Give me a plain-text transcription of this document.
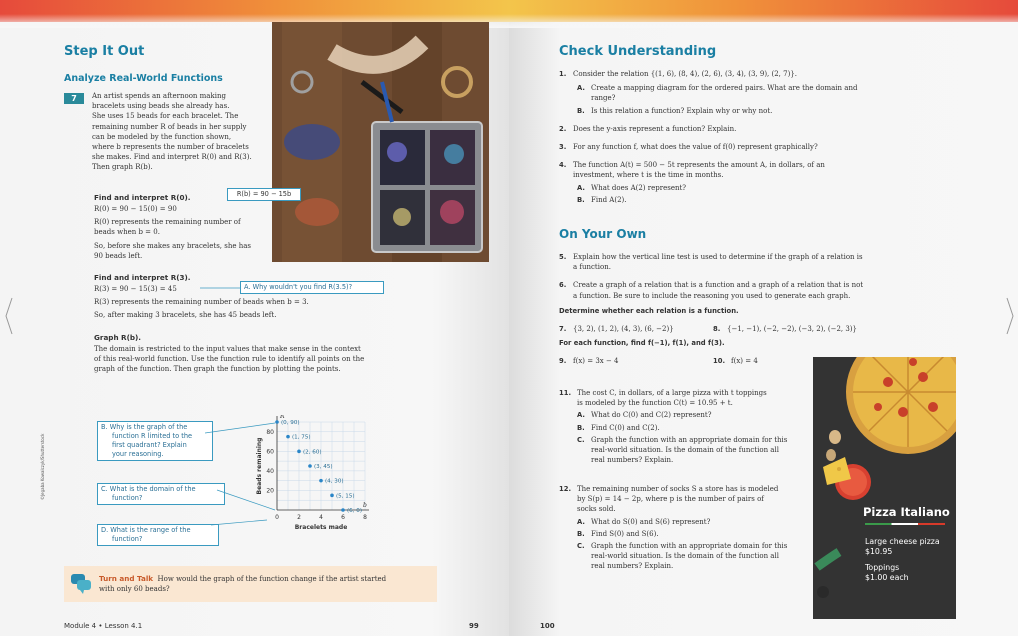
Step It Out
Analyze Real-World Functions
7	An artist spends an afternoon making
bracelets using beads she already has.
She uses 15 beads for each bracelet. The
remaining number R of beads in her supply
can be modeled by the function shown,
where b represents the number of bracelets
she makes. Find and interpret R(0) and R(3).
Then graph R(b).
Find and interpret R(0).	R(b) = 90 − 15b
R(0) = 90 − 15(0) = 90
R(0) represents the remaining number of
beads when b = 0.
So, before she makes any bracelets, she has
90 beads left.
Find and interpret R(3).
R(3) = 90 − 15(3) = 45
R(3) represents the remaining number of beads when b = 3.
So, after making 3 bracelets, she has 45 beads left.
A. Why wouldn't you find R(3.5)?
Graph R(b).
The domain is restricted to the input values that make sense in the context
of this real-world function. Use the function rule to identify all points on the
graph of the function. Then graph the function by plotting the points.
B. Why is the graph of the
function R limited to the
first quadrant? Explain
your reasoning.
C. What is the domain of the
function?
D. What is the range of the
function?
0	2	4	6	8
20
40
60
80
Bracelets made
Beads remaining
R
b
(0, 90)
(1, 75)
(2, 60)
(3, 45)
(4, 30)
(5, 15)
(6, 0)
©Jegaba Kowalczyk/Shutterstock
Turn and Talk How would the graph of the function change if the artist started
with only 60 beads?
Module 4 • Lesson 4.1	99
Check Understanding
1. Consider the relation {(1, 6), (8, 4), (2, 6), (3, 4), (3, 9), (2, 7)}.
A. Create a mapping diagram for the ordered pairs. What are the domain and
range?
B. Is this relation a function? Explain why or why not.
2. Does the y-axis represent a function? Explain.
3. For any function f, what does the value of f(0) represent graphically?
4. The function A(t) = 500 − 5t represents the amount A, in dollars, of an
investment, where t is the time in months.
A. What does A(2) represent?
B. Find A(2).
On Your Own
5. Explain how the vertical line test is used to determine if the graph of a relation is
a function.
6. Create a graph of a relation that is a function and a graph of a relation that is not
a function. Be sure to include the reasoning you used to generate each graph.
Determine whether each relation is a function.
7. {3, 2), (1, 2), (4, 3), (6, −2)}	8. {−1, −1), (−2, −2), (−3, 2), (−2, 3)}
For each function, find f(−1), f(1), and f(3).
9. f(x) = 3x − 4	10. f(x) = 4
11. The cost C, in dollars, of a large pizza with t toppings
is modeled by the function C(t) = 10.95 + t.
A. What do C(0) and C(2) represent?
B. Find C(0) and C(2).
C. Graph the function with an appropriate domain for this
real-world situation. Is the domain of the function all
real numbers? Explain.
12. The remaining number of socks S a store has is modeled
by S(p) = 14 − 2p, where p is the number of pairs of
socks sold.
A. What do S(0) and S(6) represent?
B. Find S(0) and S(6).
C. Graph the function with an appropriate domain for this
real-world situation. Is the domain of the function all
real numbers? Explain.
Pizza Italiano
Large cheese pizza
$10.95
Toppings
$1.00 each
100
